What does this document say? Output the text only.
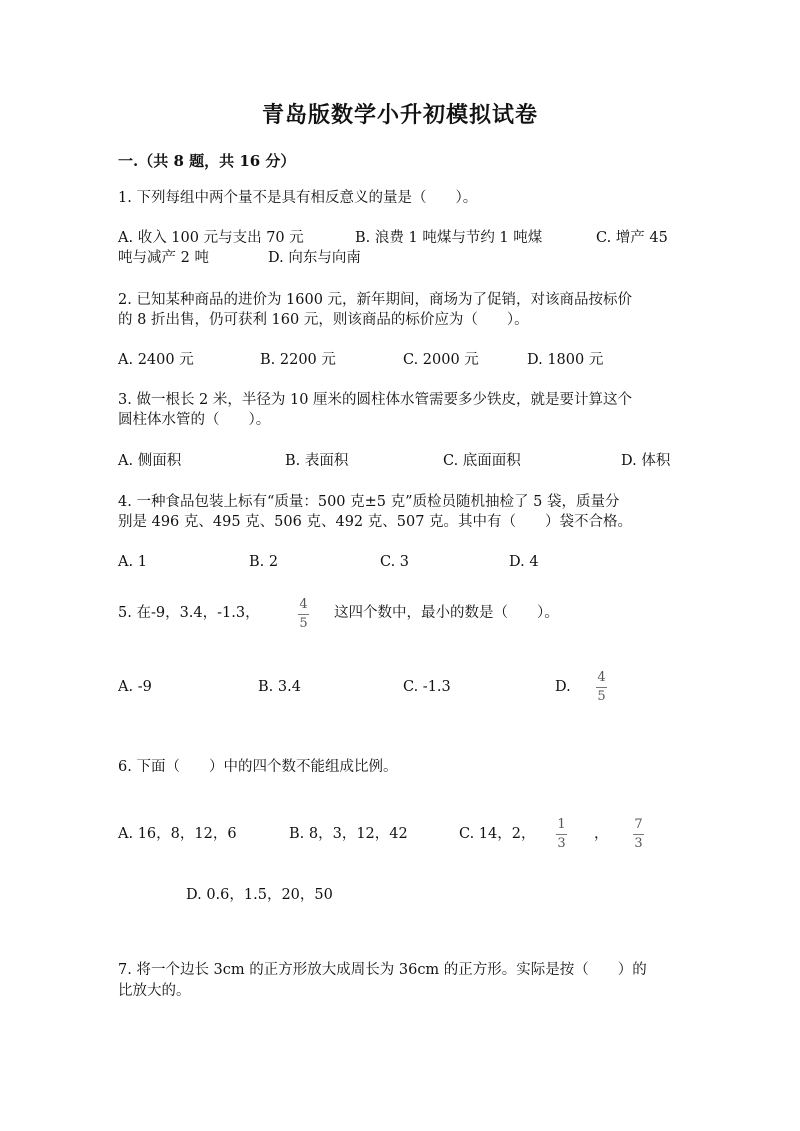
青岛版数学小升初模拟试卷
一.（共 8 题，共 16 分）
1. 下列每组中两个量不是具有相反意义的量是（　　）。
A. 收入 100 元与支出 70 元	B. 浪费 1 吨煤与节约 1 吨煤	C. 增产 45
吨与减产 2 吨	D. 向东与向南
2. 已知某种商品的进价为 1600 元，新年期间，商场为了促销，对该商品按标价
的 8 折出售，仍可获利 160 元，则该商品的标价应为（　　）。
A. 2400 元	B. 2200 元	C. 2000 元	D. 1800 元
3. 做一根长 2 米，半径为 10 厘米的圆柱体水管需要多少铁皮，就是要计算这个
圆柱体水管的（　　）。
A. 侧面积	B. 表面积	C. 底面面积	D. 体积
4. 一种食品包装上标有“质量：500 克±5 克”质检员随机抽检了 5 袋，质量分
别是 496 克、495 克、506 克、492 克、507 克。其中有（　　）袋不合格。
A. 1	B. 2	C. 3	D. 4
5. 在-9，3.4，-1.3，
4
5
这四个数中，最小的数是（　　）。
A. -9	B. 3.4	C. -1.3	D.
4
5
6. 下面（　　）中的四个数不能组成比例。
A. 16，8，12，6	B. 8，3，12，42	C. 14，2，
1
3
，
7
3
D. 0.6，1.5，20，50
7. 将一个边长 3cm 的正方形放大成周长为 36cm 的正方形。实际是按（　　）的
比放大的。
